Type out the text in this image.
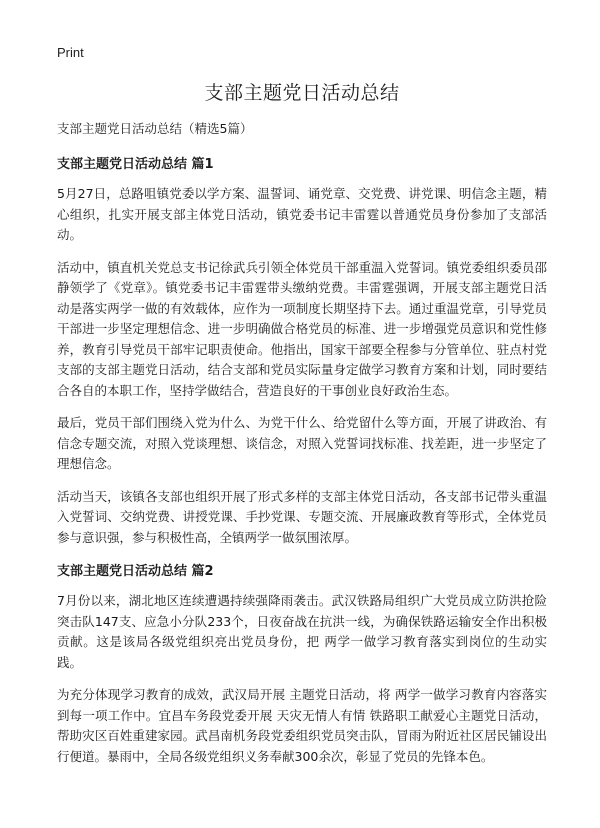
Print
支部主题党日活动总结

支部主题党日活动总结（精选5篇）

支部主题党日活动总结 篇1

5月27日，总路咀镇党委以学方案、温誓词、诵党章、交党费、讲党课、明信念主题，精心组织，扎实开展支部主体党日活动，镇党委书记丰雷霆以普通党员身份参加了支部活动。

活动中，镇直机关党总支书记徐武兵引领全体党员干部重温入党誓词。镇党委组织委员邵静领学了《党章》。镇党委书记丰雷霆带头缴纳党费。丰雷霆强调，开展支部主题党日活动是落实两学一做的有效载体，应作为一项制度长期坚持下去。通过重温党章，引导党员干部进一步坚定理想信念、进一步明确做合格党员的标准、进一步增强党员意识和党性修养，教育引导党员干部牢记职责使命。他指出，国家干部要全程参与分管单位、驻点村党支部的支部主题党日活动，结合支部和党员实际量身定做学习教育方案和计划，同时要结合各自的本职工作，坚持学做结合，营造良好的干事创业良好政治生态。

最后，党员干部们围绕入党为什么、为党干什么、给党留什么等方面，开展了讲政治、有信念专题交流，对照入党谈理想、谈信念，对照入党誓词找标准、找差距，进一步坚定了理想信念。

活动当天，该镇各支部也组织开展了形式多样的支部主体党日活动，各支部书记带头重温入党誓词、交纳党费、讲授党课、手抄党课、专题交流、开展廉政教育等形式，全体党员参与意识强，参与积极性高，全镇两学一做氛围浓厚。

支部主题党日活动总结 篇2

7月份以来，湖北地区连续遭遇持续强降雨袭击。武汉铁路局组织广大党员成立防洪抢险突击队147支、应急小分队233个，日夜奋战在抗洪一线，为确保铁路运输安全作出积极贡献。这是该局各级党组织亮出党员身份，把 两学一做学习教育落实到岗位的生动实践。

为充分体现学习教育的成效，武汉局开展 主题党日活动，将 两学一做学习教育内容落实到每一项工作中。宜昌车务段党委开展 天灾无情人有情 铁路职工献爱心主题党日活动，帮助灾区百姓重建家园。武昌南机务段党委组织党员突击队，冒雨为附近社区居民铺设出行便道。暴雨中，全局各级党组织义务奉献300余次，彰显了党员的先锋本色。
